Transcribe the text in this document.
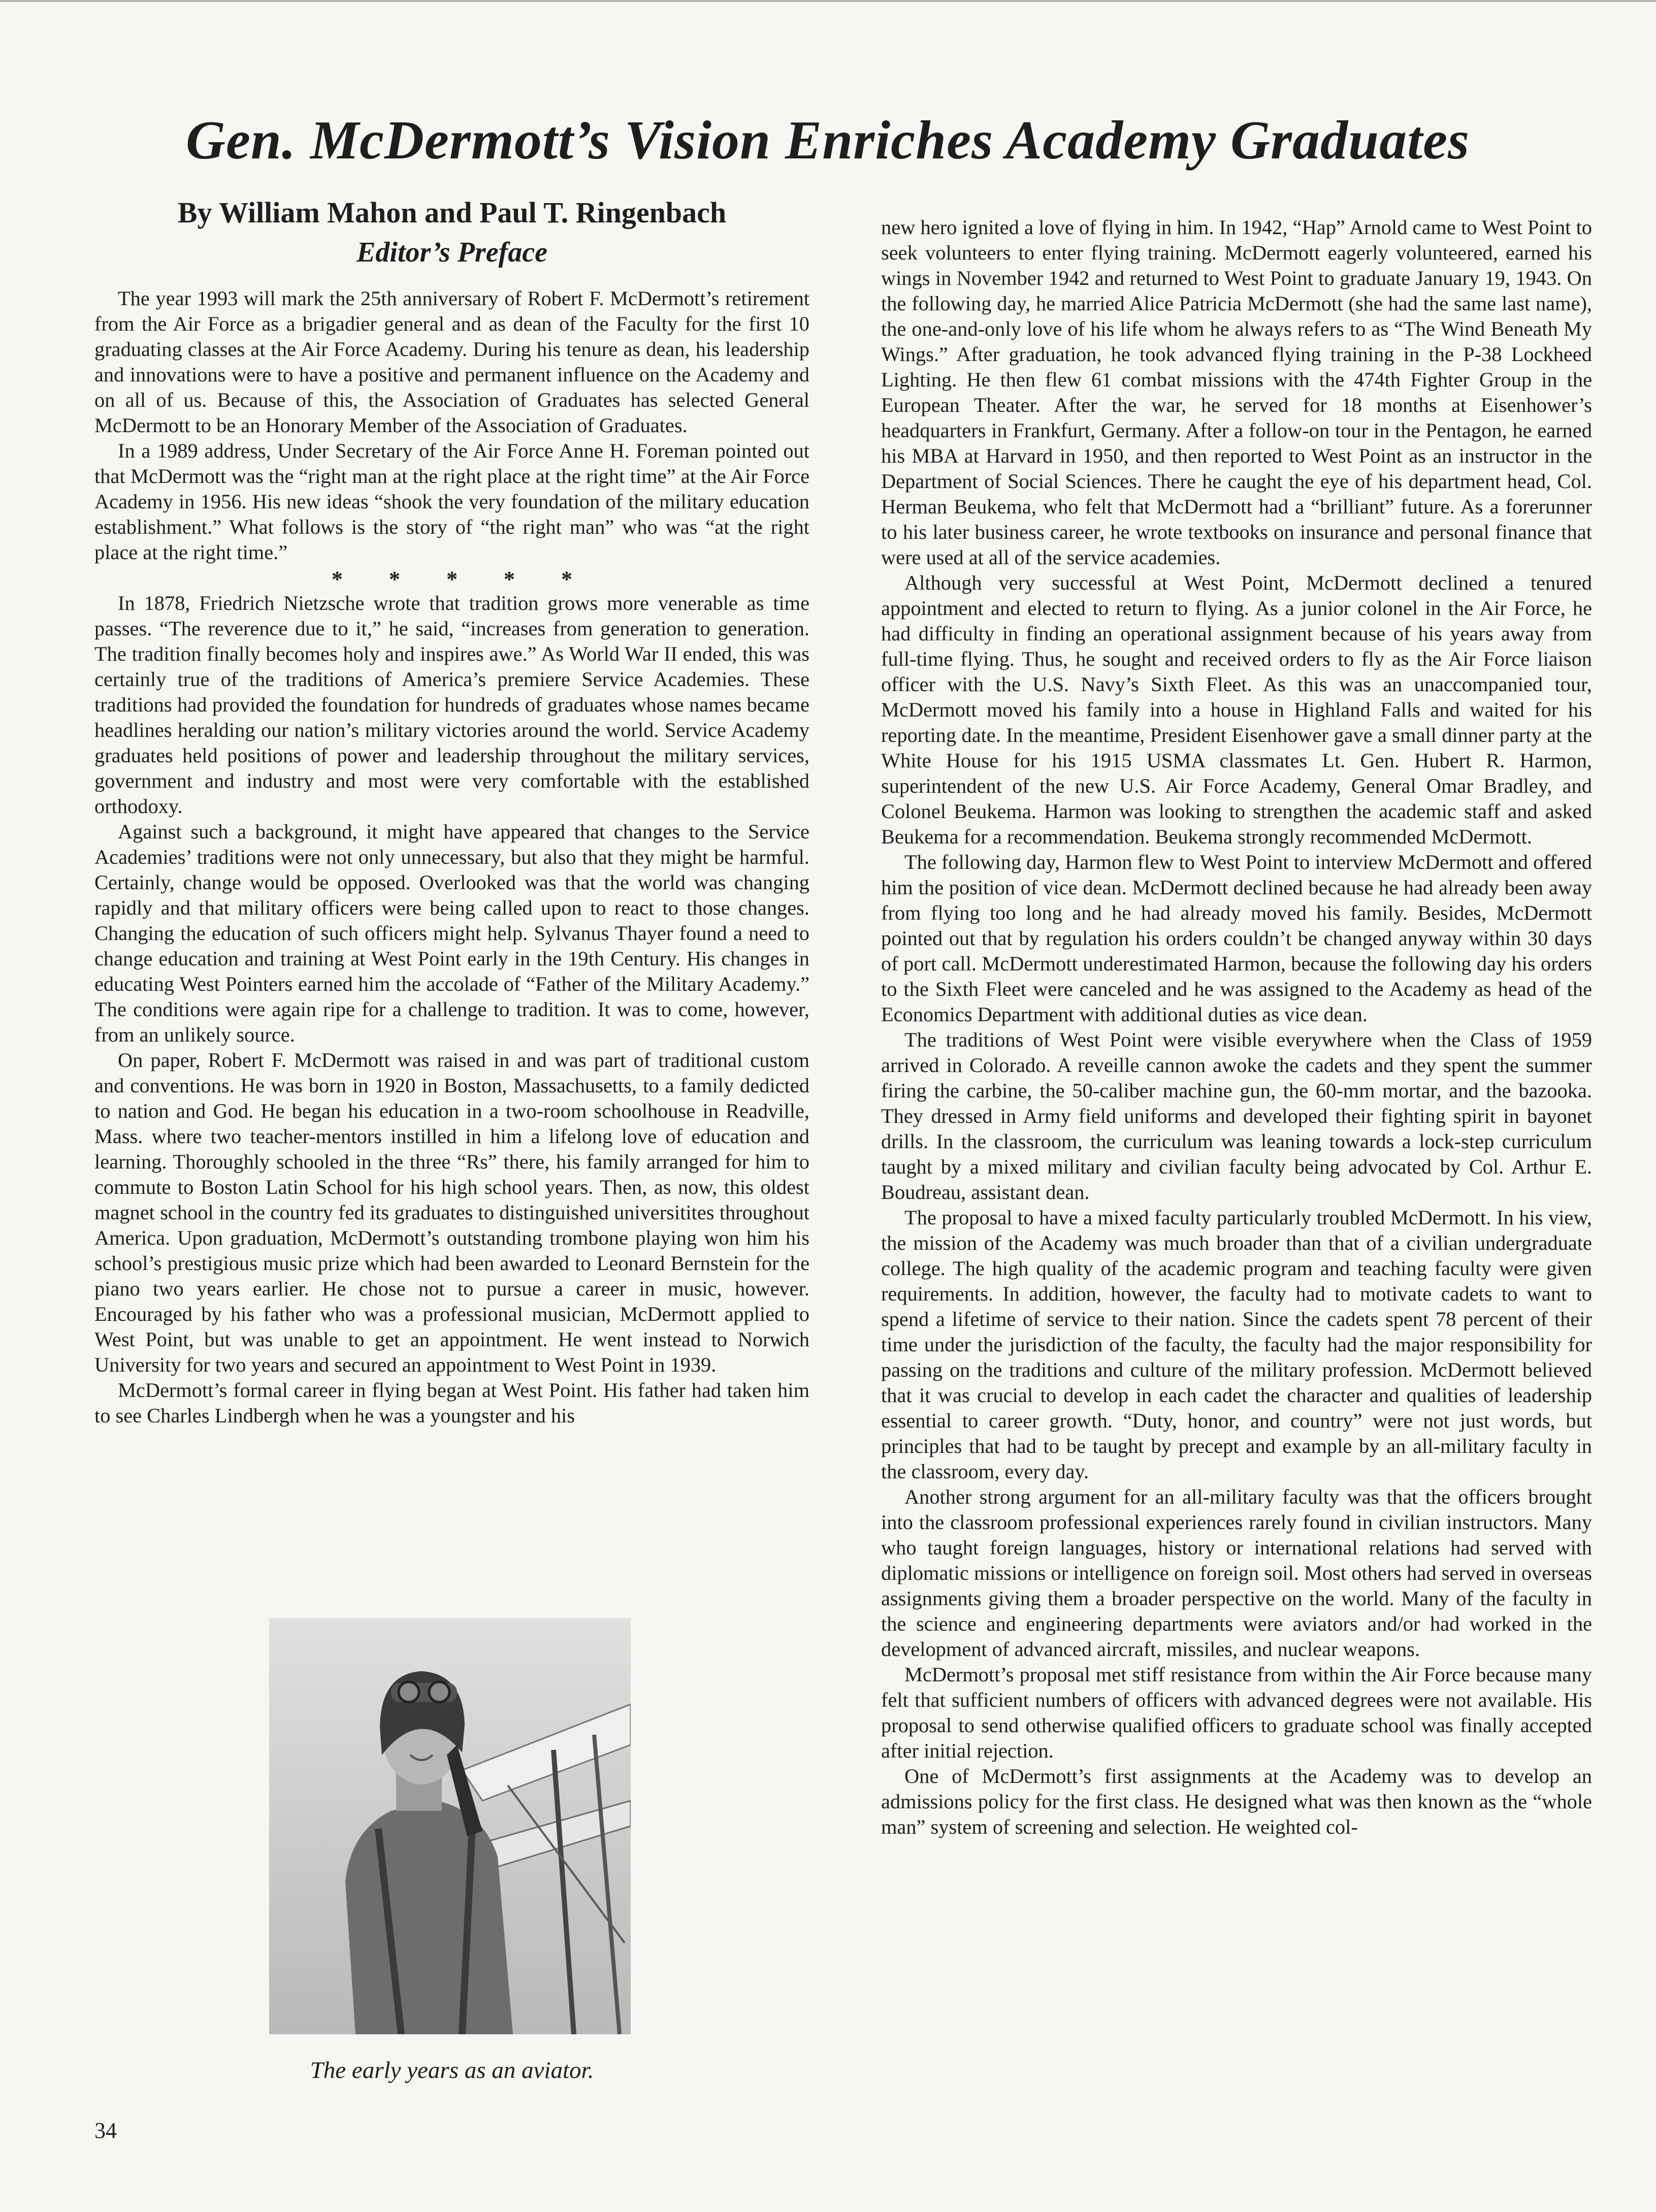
Gen. McDermott’s Vision Enriches Academy Graduates
By William Mahon and Paul T. Ringenbach
Editor’s Preface

The year 1993 will mark the 25th anniversary of Robert F. McDermott’s retirement from the Air Force as a brigadier general and as dean of the Faculty for the first 10 graduating classes at the Air Force Academy. During his tenure as dean, his leadership and innovations were to have a positive and permanent influence on the Academy and on all of us. Because of this, the Association of Graduates has selected General McDermott to be an Honorary Member of the Association of Graduates.

In a 1989 address, Under Secretary of the Air Force Anne H. Foreman pointed out that McDermott was the “right man at the right place at the right time” at the Air Force Academy in 1956. His new ideas “shook the very foundation of the military education establishment.” What follows is the story of “the right man” who was “at the right place at the right time.”

* * * * *

In 1878, Friedrich Nietzsche wrote that tradition grows more venerable as time passes. “The reverence due to it,” he said, “increases from generation to generation. The tradition finally becomes holy and inspires awe.” As World War II ended, this was certainly true of the traditions of America’s premiere Service Academies. These traditions had provided the foundation for hundreds of graduates whose names became headlines heralding our nation’s military victories around the world. Service Academy graduates held positions of power and leadership throughout the military services, government and industry and most were very comfortable with the established orthodoxy.

Against such a background, it might have appeared that changes to the Service Academies’ traditions were not only unnecessary, but also that they might be harmful. Certainly, change would be opposed. Overlooked was that the world was changing rapidly and that military officers were being called upon to react to those changes. Changing the education of such officers might help. Sylvanus Thayer found a need to change education and training at West Point early in the 19th Century. His changes in educating West Pointers earned him the accolade of “Father of the Military Academy.” The conditions were again ripe for a challenge to tradition. It was to come, however, from an unlikely source.

On paper, Robert F. McDermott was raised in and was part of traditional custom and conventions. He was born in 1920 in Boston, Massachusetts, to a family dedicted to nation and God. He began his education in a two-room schoolhouse in Readville, Mass. where two teacher-mentors instilled in him a lifelong love of education and learning. Thoroughly schooled in the three “Rs” there, his family arranged for him to commute to Boston Latin School for his high school years. Then, as now, this oldest magnet school in the country fed its graduates to distinguished universitites throughout America. Upon graduation, McDermott’s outstanding trombone playing won him his school’s prestigious music prize which had been awarded to Leonard Bernstein for the piano two years earlier. He chose not to pursue a career in music, however. Encouraged by his father who was a professional musician, McDermott applied to West Point, but was unable to get an appointment. He went instead to Norwich University for two years and secured an appointment to West Point in 1939.

McDermott’s formal career in flying began at West Point. His father had taken him to see Charles Lindbergh when he was a youngster and his

new hero ignited a love of flying in him. In 1942, “Hap” Arnold came to West Point to seek volunteers to enter flying training. McDermott eagerly volunteered, earned his wings in November 1942 and returned to West Point to graduate January 19, 1943. On the following day, he married Alice Patricia McDermott (she had the same last name), the one-and-only love of his life whom he always refers to as “The Wind Beneath My Wings.” After graduation, he took advanced flying training in the P-38 Lockheed Lighting. He then flew 61 combat missions with the 474th Fighter Group in the European Theater. After the war, he served for 18 months at Eisenhower’s headquarters in Frankfurt, Germany. After a follow-on tour in the Pentagon, he earned his MBA at Harvard in 1950, and then reported to West Point as an instructor in the Department of Social Sciences. There he caught the eye of his department head, Col. Herman Beukema, who felt that McDermott had a “brilliant” future. As a forerunner to his later business career, he wrote textbooks on insurance and personal finance that were used at all of the service academies.

Although very successful at West Point, McDermott declined a tenured appointment and elected to return to flying. As a junior colonel in the Air Force, he had difficulty in finding an operational assignment because of his years away from full-time flying. Thus, he sought and received orders to fly as the Air Force liaison officer with the U.S. Navy’s Sixth Fleet. As this was an unaccompanied tour, McDermott moved his family into a house in Highland Falls and waited for his reporting date. In the meantime, President Eisenhower gave a small dinner party at the White House for his 1915 USMA classmates Lt. Gen. Hubert R. Harmon, superintendent of the new U.S. Air Force Academy, General Omar Bradley, and Colonel Beukema. Harmon was looking to strengthen the academic staff and asked Beukema for a recommendation. Beukema strongly recommended McDermott.

The following day, Harmon flew to West Point to interview McDermott and offered him the position of vice dean. McDermott declined because he had already been away from flying too long and he had already moved his family. Besides, McDermott pointed out that by regulation his orders couldn’t be changed anyway within 30 days of port call. McDermott underestimated Harmon, because the following day his orders to the Sixth Fleet were canceled and he was assigned to the Academy as head of the Economics Department with additional duties as vice dean.

The traditions of West Point were visible everywhere when the Class of 1959 arrived in Colorado. A reveille cannon awoke the cadets and they spent the summer firing the carbine, the 50-caliber machine gun, the 60-mm mortar, and the bazooka. They dressed in Army field uniforms and developed their fighting spirit in bayonet drills. In the classroom, the curriculum was leaning towards a lock-step curriculum taught by a mixed military and civilian faculty being advocated by Col. Arthur E. Boudreau, assistant dean.

The proposal to have a mixed faculty particularly troubled McDermott. In his view, the mission of the Academy was much broader than that of a civilian undergraduate college. The high quality of the academic program and teaching faculty were given requirements. In addition, however, the faculty had to motivate cadets to want to spend a lifetime of service to their nation. Since the cadets spent 78 percent of their time under the jurisdiction of the faculty, the faculty had the major responsibility for passing on the traditions and culture of the military profession. McDermott believed that it was crucial to develop in each cadet the character and qualities of leadership essential to career growth. “Duty, honor, and country” were not just words, but principles that had to be taught by precept and example by an all-military faculty in the classroom, every day.

Another strong argument for an all-military faculty was that the officers brought into the classroom professional experiences rarely found in civilian instructors. Many who taught foreign languages, history or international relations had served with diplomatic missions or intelligence on foreign soil. Most others had served in overseas assignments giving them a broader perspective on the world. Many of the faculty in the science and engineering departments were aviators and/or had worked in the development of advanced aircraft, missiles, and nuclear weapons.

McDermott’s proposal met stiff resistance from within the Air Force because many felt that sufficient numbers of officers with advanced degrees were not available. His proposal to send otherwise qualified officers to graduate school was finally accepted after initial rejection.

One of McDermott’s first assignments at the Academy was to develop an admissions policy for the first class. He designed what was then known as the “whole man” system of screening and selection. He weighted col-

The early years as an aviator.

34
